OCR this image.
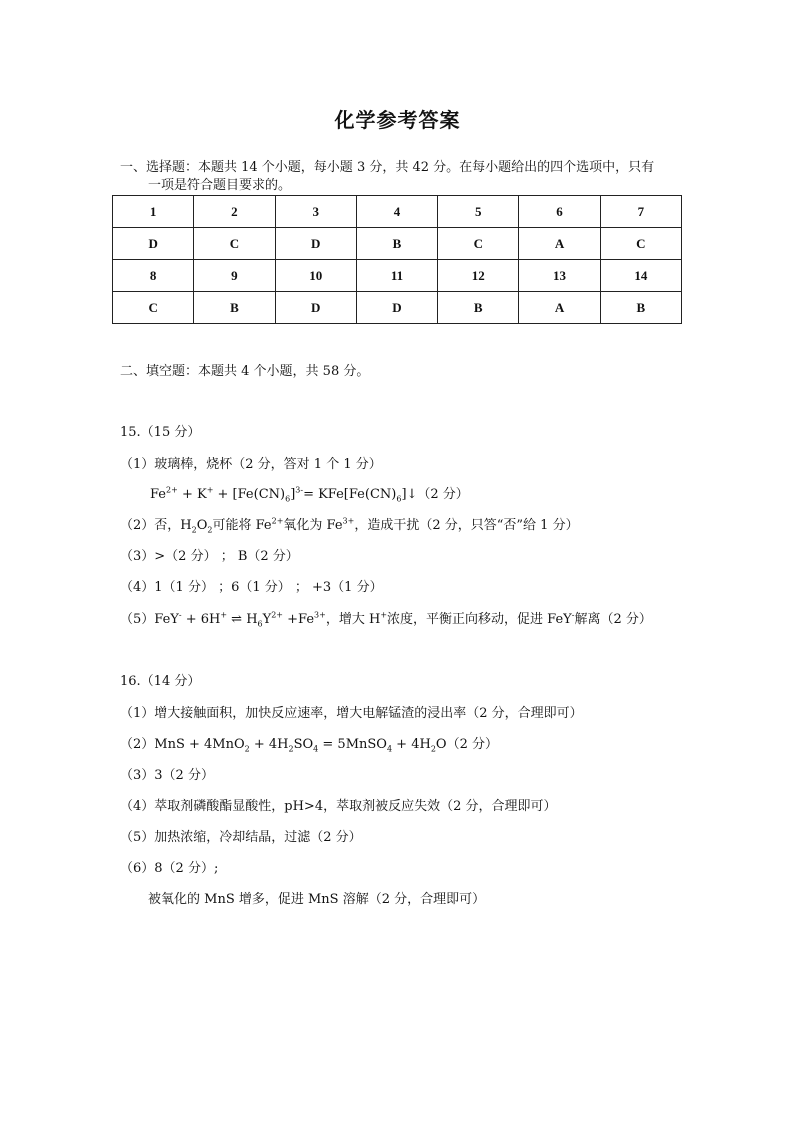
化学参考答案
一、选择题：本题共 14 个小题，每小题 3 分，共 42 分。在每小题给出的四个选项中，只有
一项是符合题目要求的。
1	2	3	4	5	6	7
D	C	D	B	C	A	C
8	9	10	11	12	13	14
C	B	D	D	B	A	B
二、填空题：本题共 4 个小题，共 58 分。
15.（15 分）
（1）玻璃棒，烧杯（2 分，答对 1 个 1 分）
$Fe^{2+} + K^+ + [Fe(CN)_6]^{3-}=$ $KFe[Fe(CN)_6]↓(2$ 分）
（2）否，$H_2O_2$可能将 $Fe^{2+}$氧化为 $Fe^{3+}$，造成干扰（2 分，只答“否”给 1 分）
（3）>（2 分） ； B（2 分）
（4）1（1 分） ；6（1 分） ； +3（1 分）
（5）FeY- + 6H+ ⇌ $H_6Y^{2+} +Fe^{3+}$，增大 H+浓度，平衡正向移动，促进 FeY-解离（2 分）
16.（14 分）
（1）增大接触面积，加快反应速率，增大电解锰渣的浸出率（2 分，合理即可）
$(2)MnS + 4MnO_2 + 4H_2SO_4$ = 5MnSO$_4$ + $4H_2O(2$ 分）
（3）3（2 分）
（4）萃取剂磷酸酯显酸性，pH>4，萃取剂被反应失效（2 分，合理即可）
（5）加热浓缩，冷却结晶，过滤（2 分）
（6）8（2 分）;
被氧化的 MnS 增多，促进 MnS 溶解（2 分，合理即可）
